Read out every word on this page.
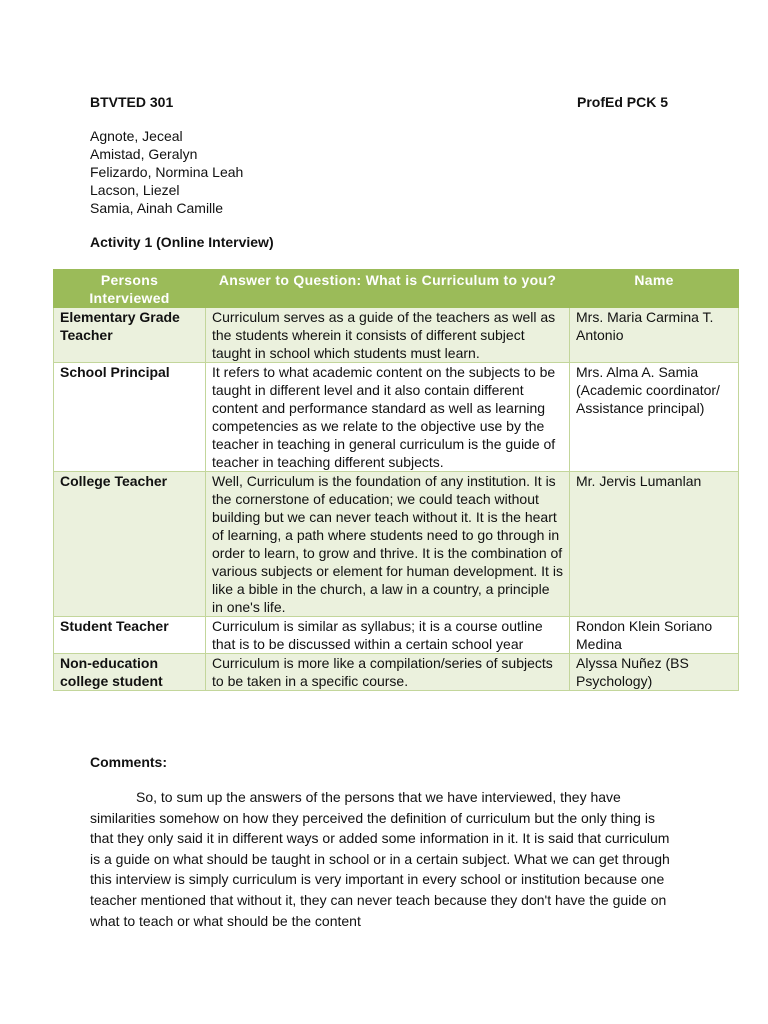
BTVTED 301	ProfEd PCK 5
Agnote, Jeceal
Amistad, Geralyn
Felizardo, Normina Leah
Lacson, Liezel
Samia, Ainah Camille
Activity 1 (Online Interview)
Persons Interviewed	Answer to Question: What is Curriculum to you?	Name
Elementary Grade Teacher	Curriculum serves as a guide of the teachers as well as the students wherein it consists of different subject taught in school which students must learn.	Mrs. Maria Carmina T. Antonio
School Principal	It refers to what academic content on the subjects to be taught in different level and it also contain different content and performance standard as well as learning competencies as we relate to the objective use by the teacher in teaching in general curriculum is the guide of teacher in teaching different subjects.	Mrs. Alma A. Samia (Academic coordinator/ Assistance principal)
College Teacher	Well, Curriculum is the foundation of any institution. It is the cornerstone of education; we could teach without building but we can never teach without it. It is the heart of learning, a path where students need to go through in order to learn, to grow and thrive. It is the combination of various subjects or element for human development. It is like a bible in the church, a law in a country, a principle in one's life.	Mr. Jervis Lumanlan
Student Teacher	Curriculum is similar as syllabus; it is a course outline that is to be discussed within a certain school year	Rondon Klein Soriano Medina
Non-education college student	Curriculum is more like a compilation/series of subjects to be taken in a specific course.	Alyssa Nuñez (BS Psychology)
Comments:

So, to sum up the answers of the persons that we have interviewed, they have similarities somehow on how they perceived the definition of curriculum but the only thing is that they only said it in different ways or added some information in it. It is said that curriculum is a guide on what should be taught in school or in a certain subject. What we can get through this interview is simply curriculum is very important in every school or institution because one teacher mentioned that without it, they can never teach because they don't have the guide on what to teach or what should be the content
